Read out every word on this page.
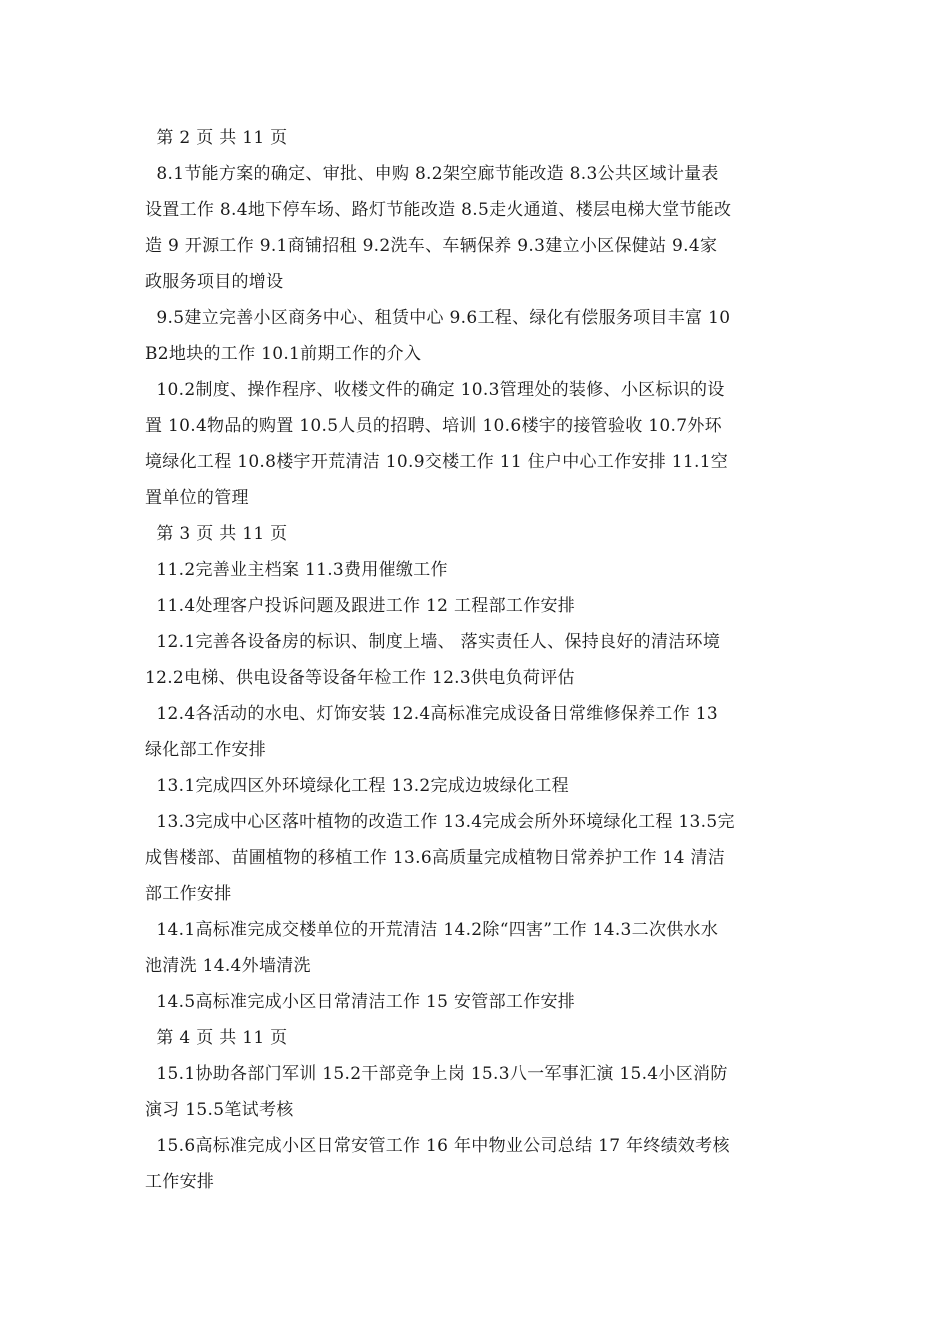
第 2 页 共 11 页
8.1节能方案的确定、审批、申购 8.2架空廊节能改造 8.3公共区域计量表
设置工作 8.4地下停车场、路灯节能改造 8.5走火通道、楼层电梯大堂节能改
造 9 开源工作 9.1商铺招租 9.2洗车、车辆保养 9.3建立小区保健站 9.4家
政服务项目的增设
9.5建立完善小区商务中心、租赁中心 9.6工程、绿化有偿服务项目丰富 10
B2地块的工作 10.1前期工作的介入
10.2制度、操作程序、收楼文件的确定 10.3管理处的装修、小区标识的设
置 10.4物品的购置 10.5人员的招聘、培训 10.6楼宇的接管验收 10.7外环
境绿化工程 10.8楼宇开荒清洁 10.9交楼工作 11 住户中心工作安排 11.1空
置单位的管理
第 3 页 共 11 页
11.2完善业主档案 11.3费用催缴工作
11.4处理客户投诉问题及跟进工作 12 工程部工作安排
12.1完善各设备房的标识、制度上墙、 落实责任人、保持良好的清洁环境
12.2电梯、供电设备等设备年检工作 12.3供电负荷评估
12.4各活动的水电、灯饰安装 12.4高标准完成设备日常维修保养工作 13
绿化部工作安排
13.1完成四区外环境绿化工程 13.2完成边坡绿化工程
13.3完成中心区落叶植物的改造工作 13.4完成会所外环境绿化工程 13.5完
成售楼部、苗圃植物的移植工作 13.6高质量完成植物日常养护工作 14 清洁
部工作安排
14.1高标准完成交楼单位的开荒清洁 14.2除“四害”工作 14.3二次供水水
池清洗 14.4外墙清洗
14.5高标准完成小区日常清洁工作 15 安管部工作安排
第 4 页 共 11 页
15.1协助各部门军训 15.2干部竞争上岗 15.3八一军事汇演 15.4小区消防
演习 15.5笔试考核
15.6高标准完成小区日常安管工作 16 年中物业公司总结 17 年终绩效考核
工作安排
